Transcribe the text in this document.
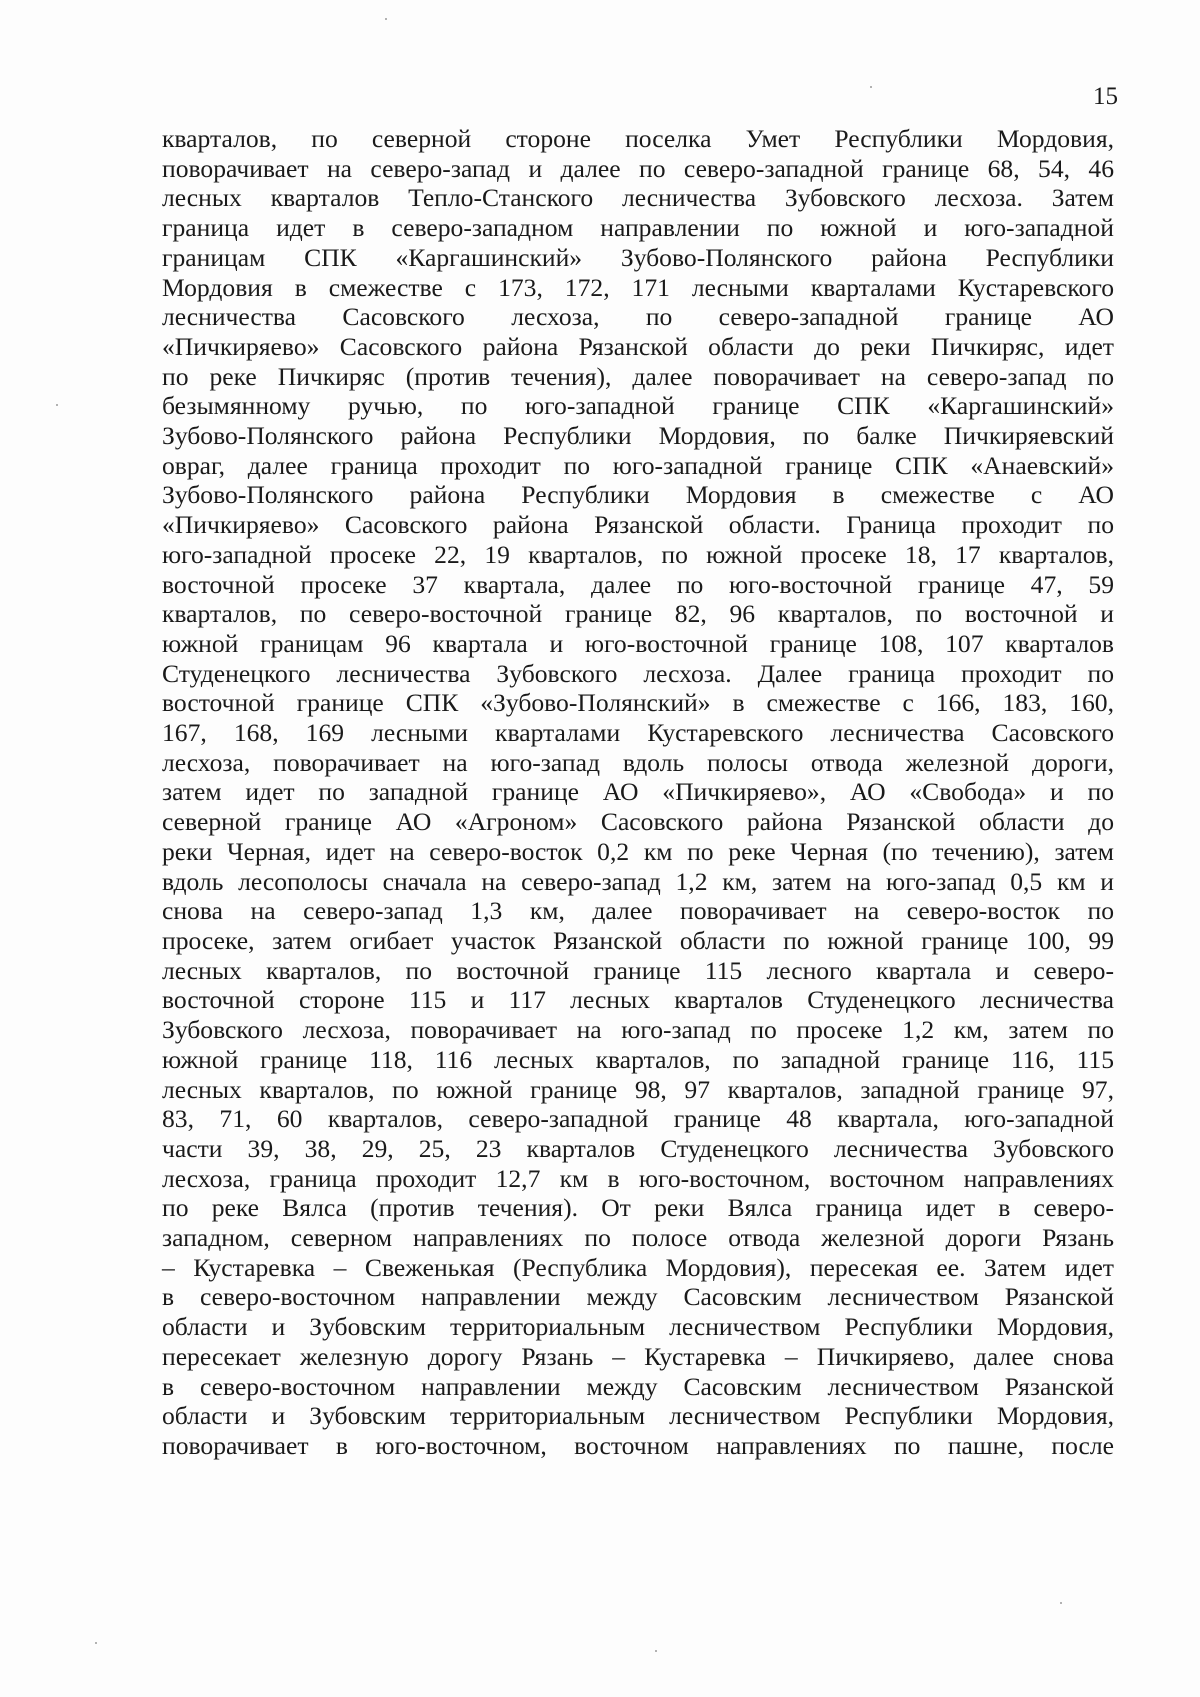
15
кварталов, по северной стороне поселка Умет Республики Мордовия,
поворачивает на северо-запад и далее по северо-западной границе 68, 54, 46
лесных кварталов Тепло-Станского лесничества Зубовского лесхоза. Затем
граница идет в северо-западном направлении по южной и юго-западной
границам СПК «Каргашинский» Зубово-Полянского района Республики
Мордовия в смежестве с 173, 172, 171 лесными кварталами Кустаревского
лесничества Сасовского лесхоза, по северо-западной границе АО
«Пичкиряево» Сасовского района Рязанской области до реки Пичкиряс, идет
по реке Пичкиряс (против течения), далее поворачивает на северо-запад по
безымянному ручью, по юго-западной границе СПК «Каргашинский»
Зубово-Полянского района Республики Мордовия, по балке Пичкиряевский
овраг, далее граница проходит по юго-западной границе СПК «Анаевский»
Зубово-Полянского района Республики Мордовия в смежестве с АО
«Пичкиряево» Сасовского района Рязанской области. Граница проходит по
юго-западной просеке 22, 19 кварталов, по южной просеке 18, 17 кварталов,
восточной просеке 37 квартала, далее по юго-восточной границе 47, 59
кварталов, по северо-восточной границе 82, 96 кварталов, по восточной и
южной границам 96 квартала и юго-восточной границе 108, 107 кварталов
Студенецкого лесничества Зубовского лесхоза. Далее граница проходит по
восточной границе СПК «Зубово-Полянский» в смежестве с 166, 183, 160,
167, 168, 169 лесными кварталами Кустаревского лесничества Сасовского
лесхоза, поворачивает на юго-запад вдоль полосы отвода железной дороги,
затем идет по западной границе АО «Пичкиряево», АО «Свобода» и по
северной границе АО «Агроном» Сасовского района Рязанской области до
реки Черная, идет на северо-восток 0,2 км по реке Черная (по течению), затем
вдоль лесополосы сначала на северо-запад 1,2 км, затем на юго-запад 0,5 км и
снова на северо-запад 1,3 км, далее поворачивает на северо-восток по
просеке, затем огибает участок Рязанской области по южной границе 100, 99
лесных кварталов, по восточной границе 115 лесного квартала и северо-
восточной стороне 115 и 117 лесных кварталов Студенецкого лесничества
Зубовского лесхоза, поворачивает на юго-запад по просеке 1,2 км, затем по
южной границе 118, 116 лесных кварталов, по западной границе 116, 115
лесных кварталов, по южной границе 98, 97 кварталов, западной границе 97,
83, 71, 60 кварталов, северо-западной границе 48 квартала, юго-западной
части 39, 38, 29, 25, 23 кварталов Студенецкого лесничества Зубовского
лесхоза, граница проходит 12,7 км в юго-восточном, восточном направлениях
по реке Вялса (против течения). От реки Вялса граница идет в северо-
западном, северном направлениях по полосе отвода железной дороги Рязань
– Кустаревка – Свеженькая (Республика Мордовия), пересекая ее. Затем идет
в северо-восточном направлении между Сасовским лесничеством Рязанской
области и Зубовским территориальным лесничеством Республики Мордовия,
пересекает железную дорогу Рязань – Кустаревка – Пичкиряево, далее снова
в северо-восточном направлении между Сасовским лесничеством Рязанской
области и Зубовским территориальным лесничеством Республики Мордовия,
поворачивает в юго-восточном, восточном направлениях по пашне, после
